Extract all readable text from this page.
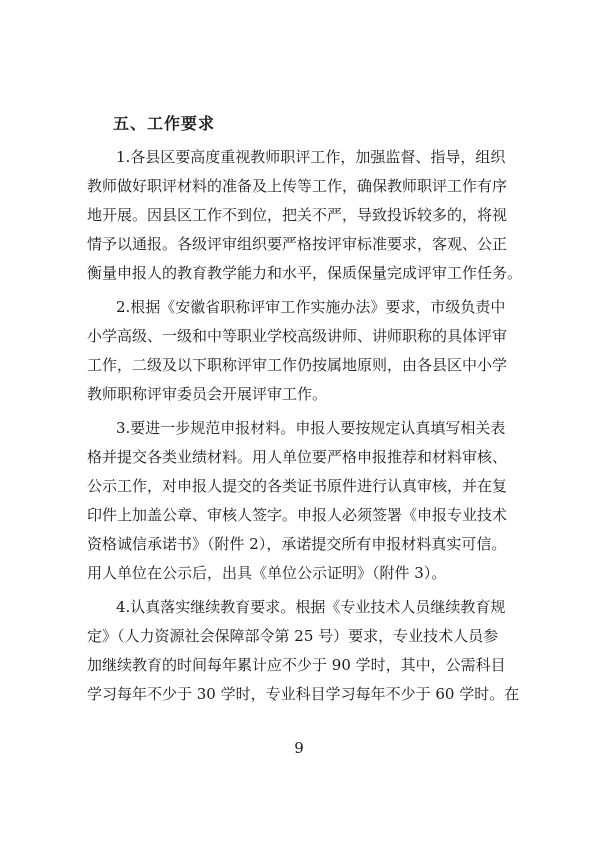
五、工作要求

1.各县区要高度重视教师职评工作，加强监督、指导，组织

教师做好职评材料的准备及上传等工作，确保教师职评工作有序

地开展。因县区工作不到位，把关不严，导致投诉较多的，将视

情予以通报。各级评审组织要严格按评审标准要求，客观、公正

衡量申报人的教育教学能力和水平，保质保量完成评审工作任务。

2.根据《安徽省职称评审工作实施办法》要求，市级负责中

小学高级、一级和中等职业学校高级讲师、讲师职称的具体评审

工作，二级及以下职称评审工作仍按属地原则，由各县区中小学

教师职称评审委员会开展评审工作。

3.要进一步规范申报材料。申报人要按规定认真填写相关表

格并提交各类业绩材料。用人单位要严格申报推荐和材料审核、

公示工作，对申报人提交的各类证书原件进行认真审核，并在复

印件上加盖公章、审核人签字。申报人必须签署《申报专业技术

资格诚信承诺书》（附件 2），承诺提交所有申报材料真实可信。

用人单位在公示后，出具《单位公示证明》（附件 3）。

4.认真落实继续教育要求。根据《专业技术人员继续教育规

定》（人力资源社会保障部令第 25 号）要求，专业技术人员参

加继续教育的时间每年累计应不少于 90 学时，其中，公需科目

学习每年不少于 30 学时，专业科目学习每年不少于 60 学时。在

9
